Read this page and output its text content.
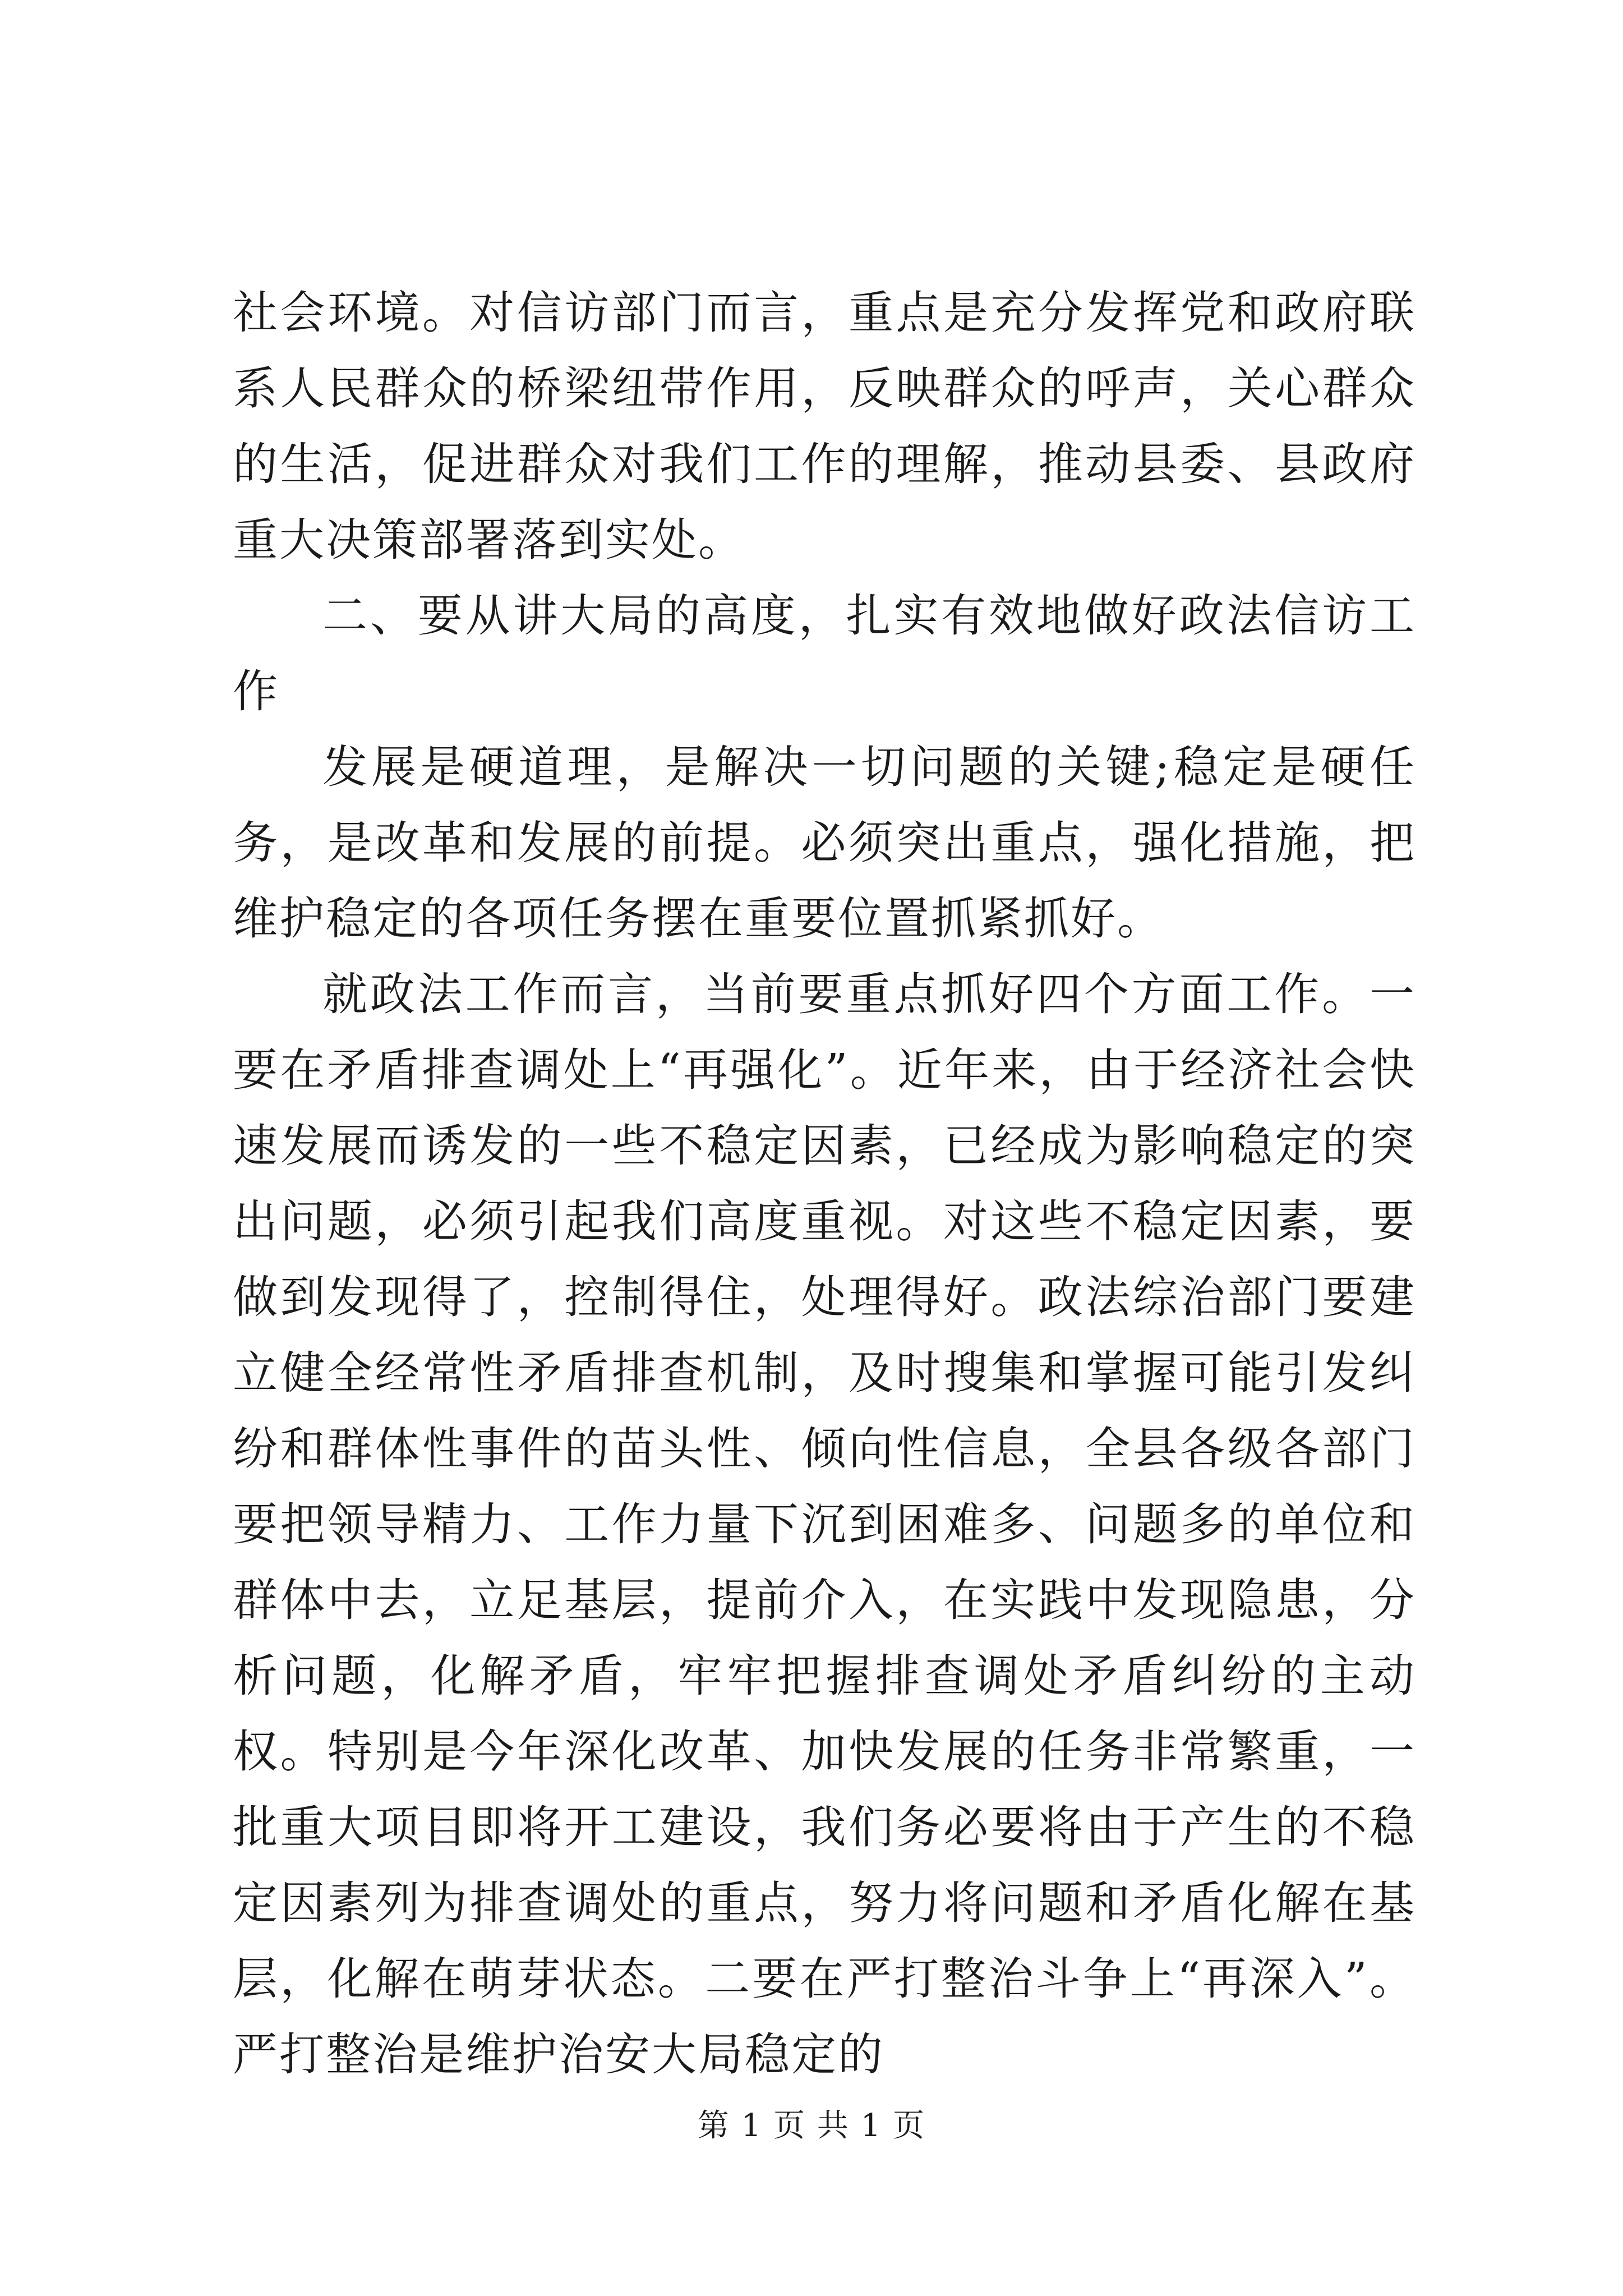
社会环境。对信访部门而言，重点是充分发挥党和政府联系人民群众的桥梁纽带作用，反映群众的呼声，关心群众的生活，促进群众对我们工作的理解，推动县委、县政府重大决策部署落到实处。

二、要从讲大局的高度，扎实有效地做好政法信访工作

发展是硬道理，是解决一切问题的关键;稳定是硬任务，是改革和发展的前提。必须突出重点，强化措施，把维护稳定的各项任务摆在重要位置抓紧抓好。

就政法工作而言，当前要重点抓好四个方面工作。一要在矛盾排查调处上“再强化”。近年来，由于经济社会快速发展而诱发的一些不稳定因素，已经成为影响稳定的突出问题，必须引起我们高度重视。对这些不稳定因素，要做到发现得了，控制得住，处理得好。政法综治部门要建立健全经常性矛盾排查机制，及时搜集和掌握可能引发纠纷和群体性事件的苗头性、倾向性信息，全县各级各部门要把领导精力、工作力量下沉到困难多、问题多的单位和群体中去，立足基层，提前介入，在实践中发现隐患，分析问题，化解矛盾，牢牢把握排查调处矛盾纠纷的主动权。特别是今年深化改革、加快发展的任务非常繁重，一批重大项目即将开工建设，我们务必要将由于产生的不稳定因素列为排查调处的重点，努力将问题和矛盾化解在基层，化解在萌芽状态。二要在严打整治斗争上“再深入”。严打整治是维护治安大局稳定的

第 1 页 共 1 页
